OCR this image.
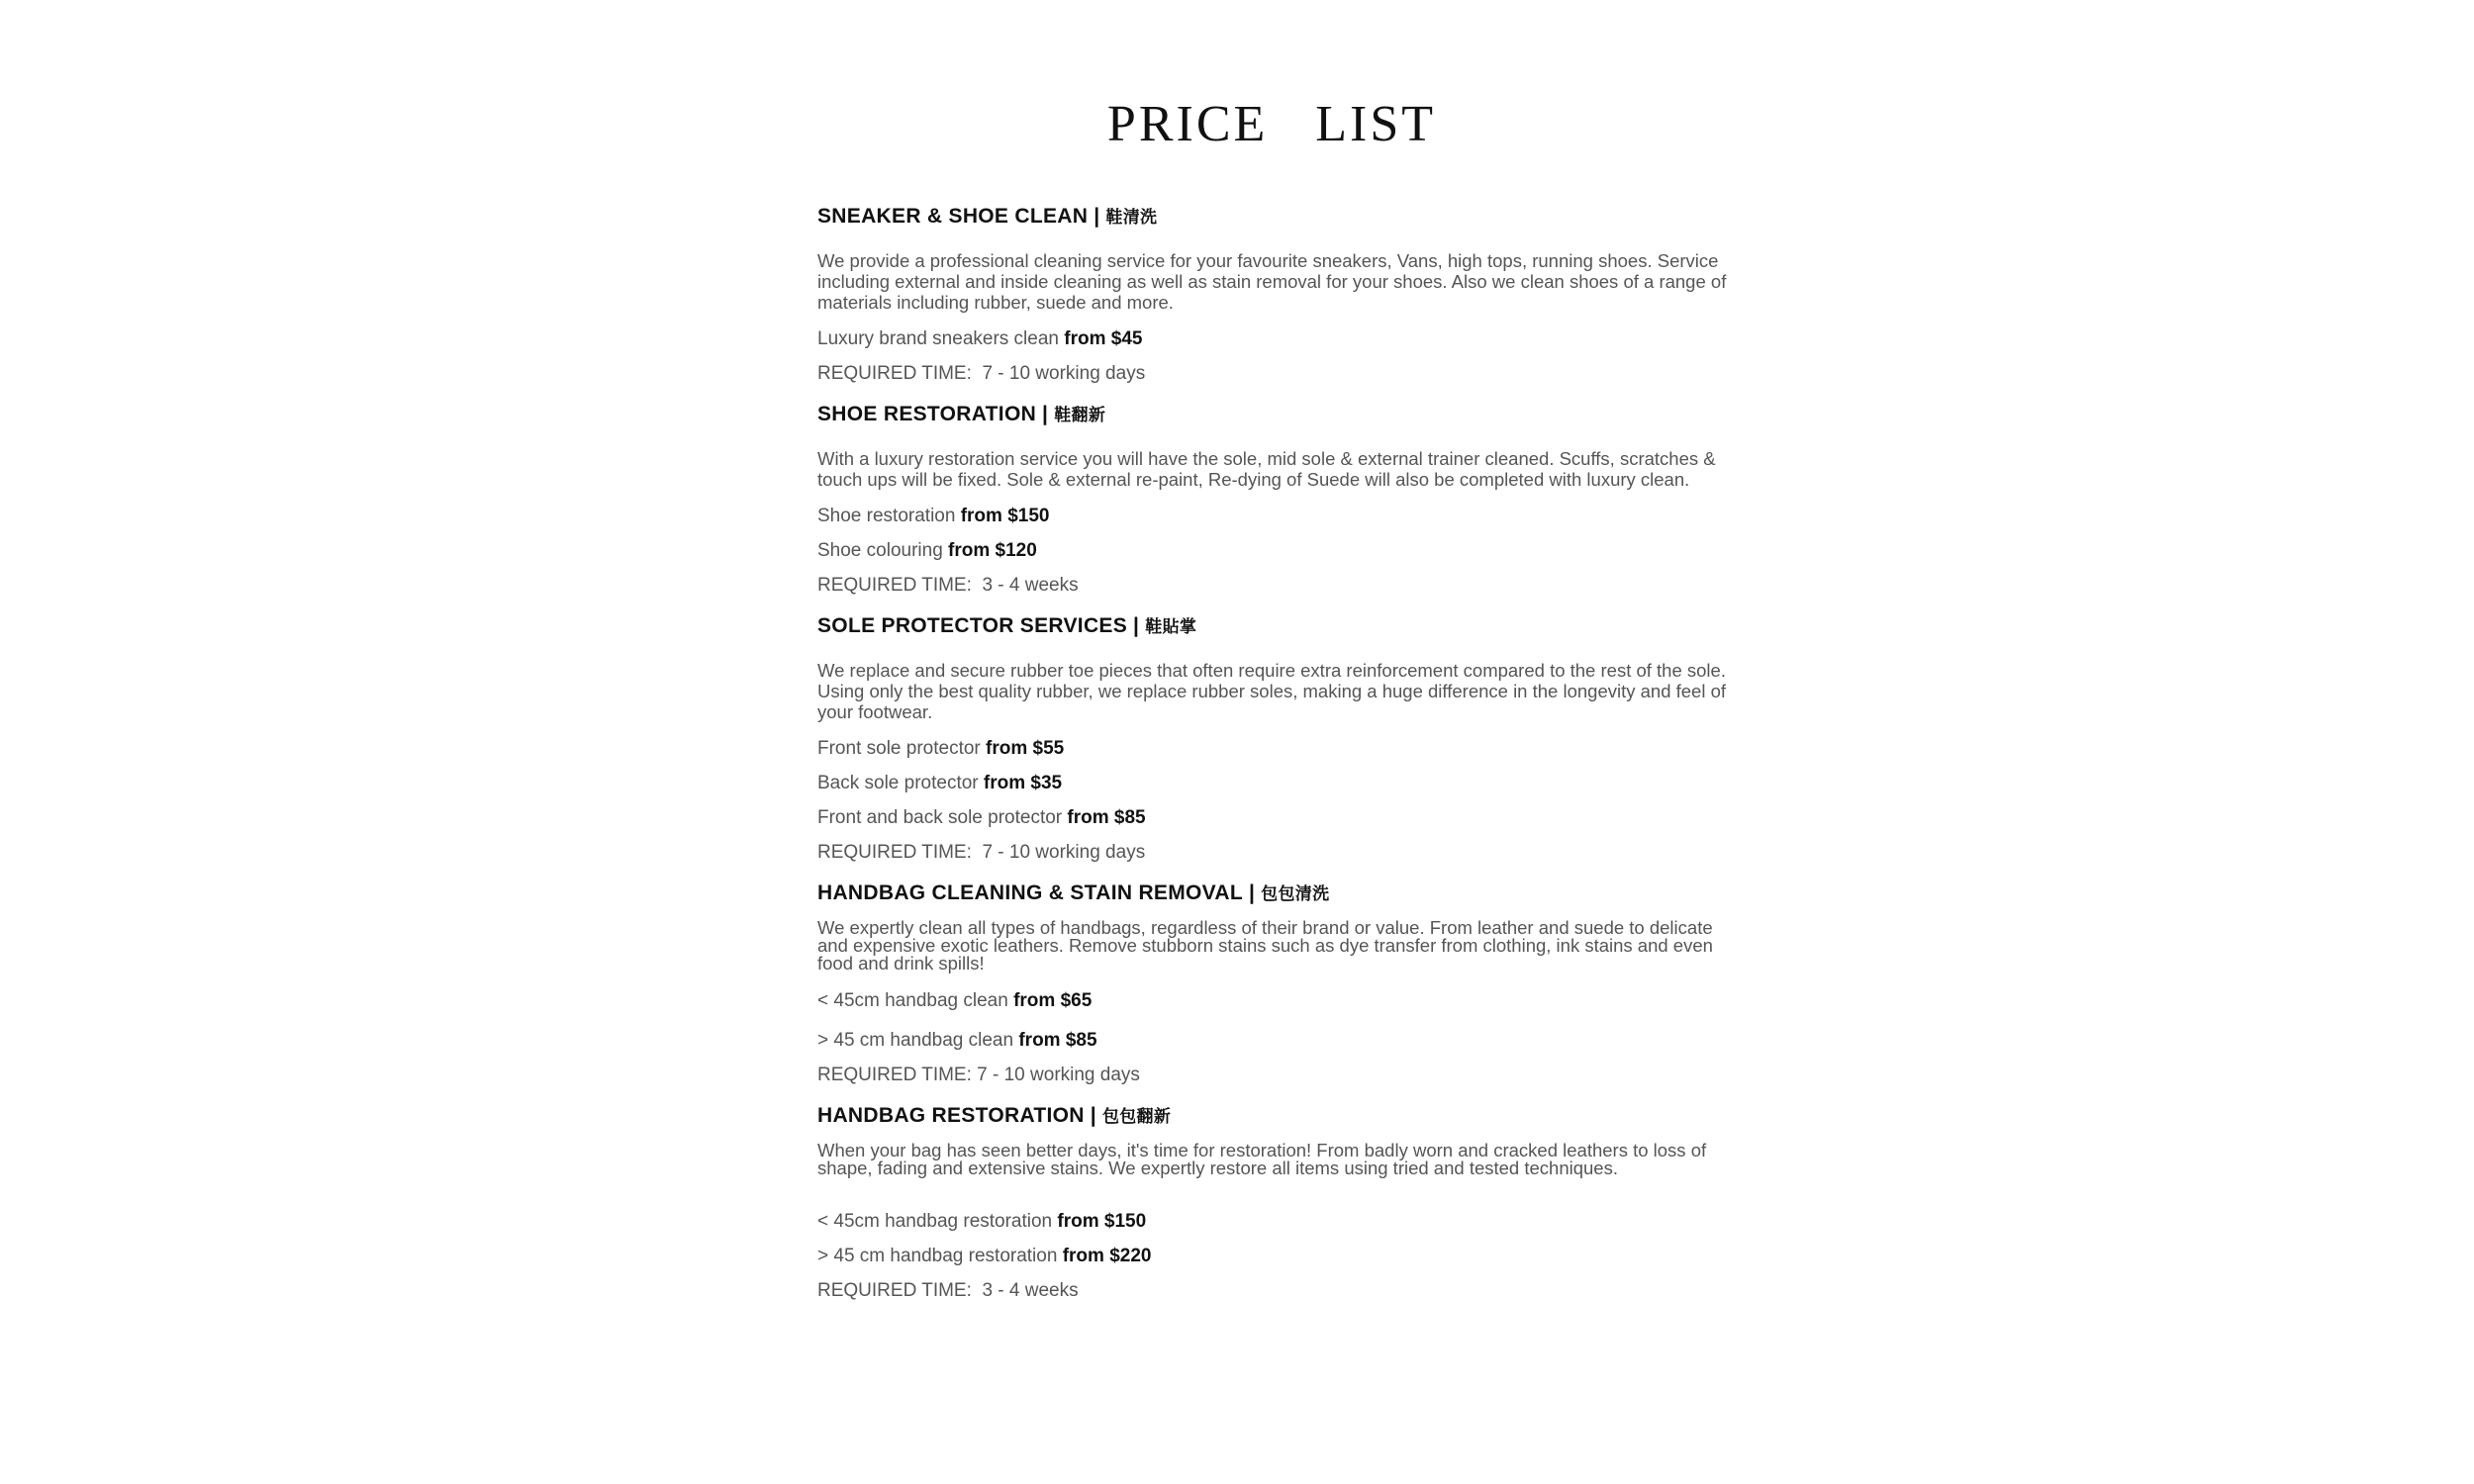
PRICE   LIST
SNEAKER & SHOE CLEAN | 鞋清洗

We provide a professional cleaning service for your favourite sneakers, Vans, high tops, running shoes. Service including external and inside cleaning as well as stain removal for your shoes. Also we clean shoes of a range of materials including rubber, suede and more.

Luxury brand sneakers clean from $45
REQUIRED TIME:  7 - 10 working days
SHOE RESTORATION | 鞋翻新

With a luxury restoration service you will have the sole, mid sole & external trainer cleaned. Scuffs, scratches & touch ups will be fixed. Sole & external re-paint, Re-dying of Suede will also be completed with luxury clean.

Shoe restoration from $150
Shoe colouring from $120
REQUIRED TIME:  3 - 4 weeks
SOLE PROTECTOR SERVICES | 鞋貼掌

We replace and secure rubber toe pieces that often require extra reinforcement compared to the rest of the sole. Using only the best quality rubber, we replace rubber soles, making a huge difference in the longevity and feel of your footwear.

Front sole protector from $55
Back sole protector from $35
Front and back sole protector from $85
REQUIRED TIME:  7 - 10 working days
HANDBAG CLEANING & STAIN REMOVAL | 包包清洗

We expertly clean all types of handbags, regardless of their brand or value. From leather and suede to delicate and expensive exotic leathers. Remove stubborn stains such as dye transfer from clothing, ink stains and even food and drink spills!

< 45cm handbag clean from $65
> 45 cm handbag clean from $85
REQUIRED TIME: 7 - 10 working days
HANDBAG RESTORATION | 包包翻新

When your bag has seen better days, it's time for restoration! From badly worn and cracked leathers to loss of shape, fading and extensive stains. We expertly restore all items using tried and tested techniques.

< 45cm handbag restoration from $150
> 45 cm handbag restoration from $220
REQUIRED TIME:  3 - 4 weeks
